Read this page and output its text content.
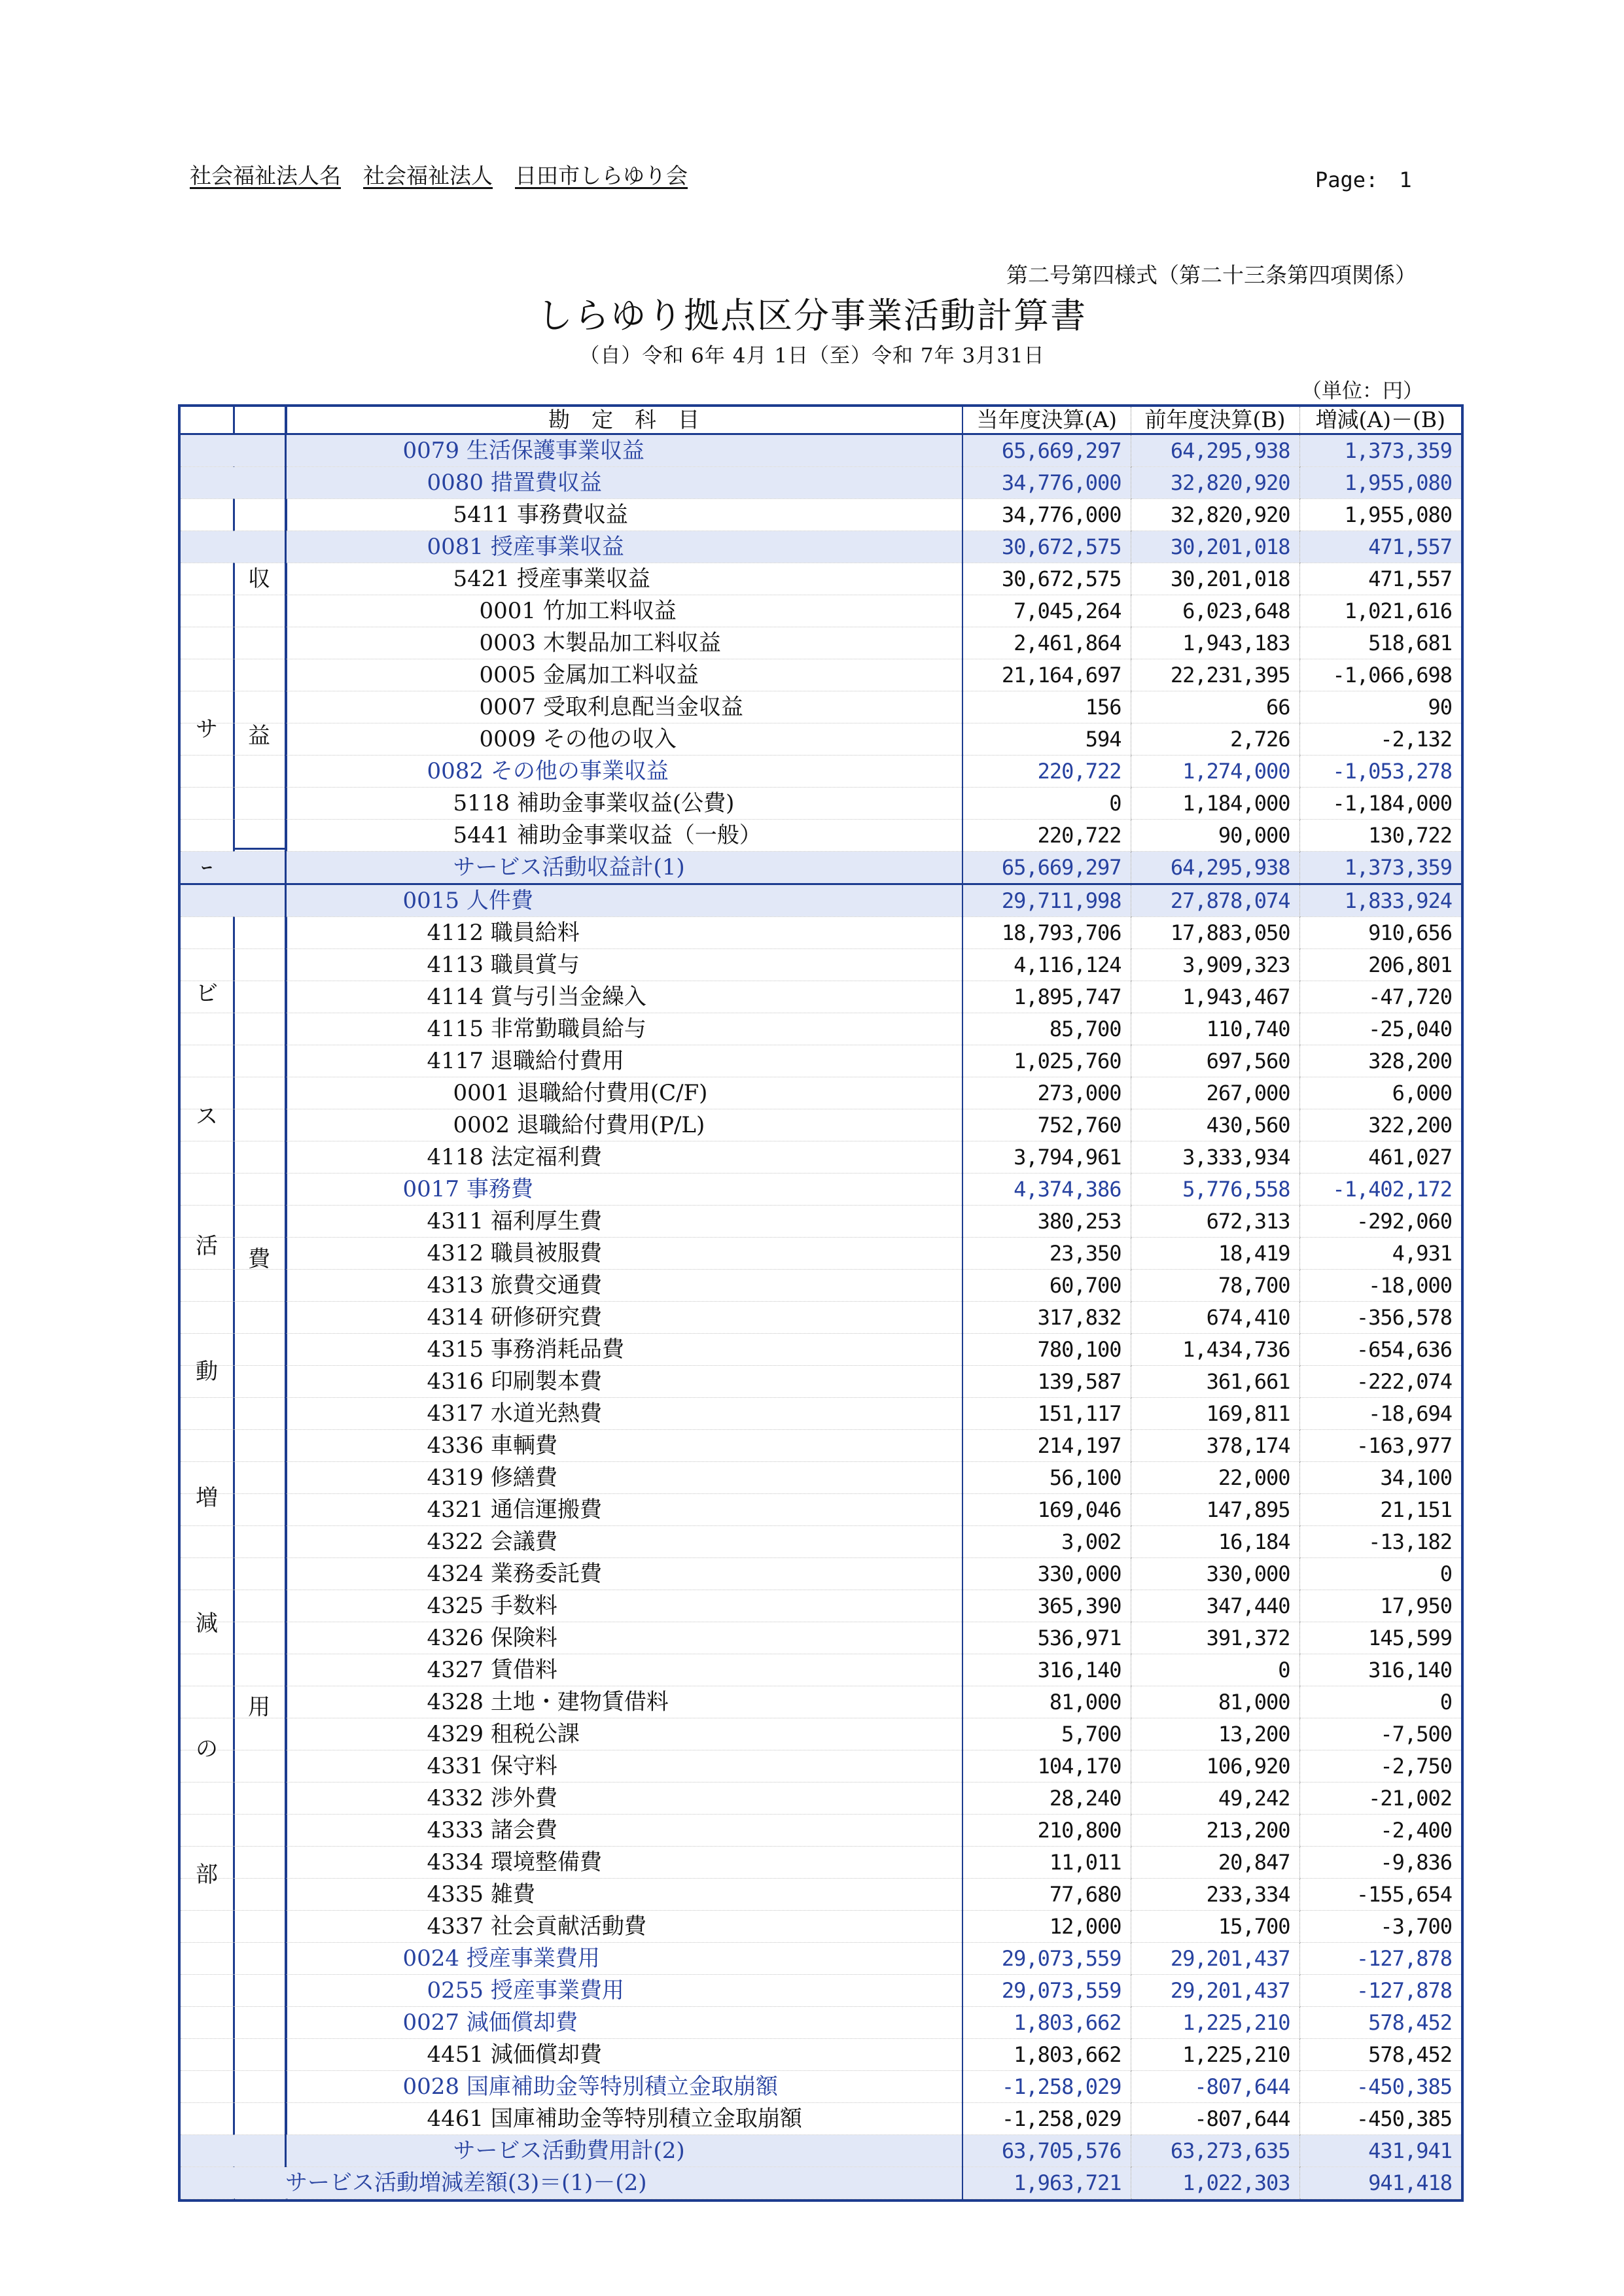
社会福祉法人名 社会福祉法人 日田市しらゆり会	Page:　1
第二号第四様式（第二十三条第四項関係）
しらゆり拠点区分事業活動計算書
（自）令和 6年 4月 1日（至）令和 7年 3月31日
（単位：円）
		勘　定　科　目	当年度決算(A)	前年度決算(B)	増減(A)－(B)
		0079 生活保護事業収益	65,669,297	64,295,938	1,373,359
		0080 措置費収益	34,776,000	32,820,920	1,955,080
		5411 事務費収益	34,776,000	32,820,920	1,955,080
		0081 授産事業収益	30,672,575	30,201,018	471,557
		5421 授産事業収益	30,672,575	30,201,018	471,557
		0001 竹加工料収益	7,045,264	6,023,648	1,021,616
		0003 木製品加工料収益	2,461,864	1,943,183	518,681
		0005 金属加工料収益	21,164,697	22,231,395	-1,066,698
		0007 受取利息配当金収益	156	66	90
		0009 その他の収入	594	2,726	-2,132
		0082 その他の事業収益	220,722	1,274,000	-1,053,278
		5118 補助金事業収益(公費)	0	1,184,000	-1,184,000
		5441 補助金事業収益（一般）	220,722	90,000	130,722
		サービス活動収益計(1)	65,669,297	64,295,938	1,373,359
		0015 人件費	29,711,998	27,878,074	1,833,924
		4112 職員給料	18,793,706	17,883,050	910,656
		4113 職員賞与	4,116,124	3,909,323	206,801
		4114 賞与引当金繰入	1,895,747	1,943,467	-47,720
		4115 非常勤職員給与	85,700	110,740	-25,040
		4117 退職給付費用	1,025,760	697,560	328,200
		0001 退職給付費用(C/F)	273,000	267,000	6,000
		0002 退職給付費用(P/L)	752,760	430,560	322,200
		4118 法定福利費	3,794,961	3,333,934	461,027
		0017 事務費	4,374,386	5,776,558	-1,402,172
		4311 福利厚生費	380,253	672,313	-292,060
		4312 職員被服費	23,350	18,419	4,931
		4313 旅費交通費	60,700	78,700	-18,000
		4314 研修研究費	317,832	674,410	-356,578
		4315 事務消耗品費	780,100	1,434,736	-654,636
		4316 印刷製本費	139,587	361,661	-222,074
		4317 水道光熱費	151,117	169,811	-18,694
		4336 車輌費	214,197	378,174	-163,977
		4319 修繕費	56,100	22,000	34,100
		4321 通信運搬費	169,046	147,895	21,151
		4322 会議費	3,002	16,184	-13,182
		4324 業務委託費	330,000	330,000	0
		4325 手数料	365,390	347,440	17,950
		4326 保険料	536,971	391,372	145,599
		4327 賃借料	316,140	0	316,140
		4328 土地・建物賃借料	81,000	81,000	0
		4329 租税公課	5,700	13,200	-7,500
		4331 保守料	104,170	106,920	-2,750
		4332 渉外費	28,240	49,242	-21,002
		4333 諸会費	210,800	213,200	-2,400
		4334 環境整備費	11,011	20,847	-9,836
		4335 雑費	77,680	233,334	-155,654
		4337 社会貢献活動費	12,000	15,700	-3,700
		0024 授産事業費用	29,073,559	29,201,437	-127,878
		0255 授産事業費用	29,073,559	29,201,437	-127,878
		0027 減価償却費	1,803,662	1,225,210	578,452
		4451 減価償却費	1,803,662	1,225,210	578,452
		0028 国庫補助金等特別積立金取崩額	-1,258,029	-807,644	-450,385
		4461 国庫補助金等特別積立金取崩額	-1,258,029	-807,644	-450,385
		サービス活動費用計(2)	63,705,576	63,273,635	431,941
	サービス活動増減差額(3)＝(1)－(2)		1,963,721	1,022,303	941,418
サ
ｰ
ビ
ス
活
動
増
減
の
部
収
益
費
用
